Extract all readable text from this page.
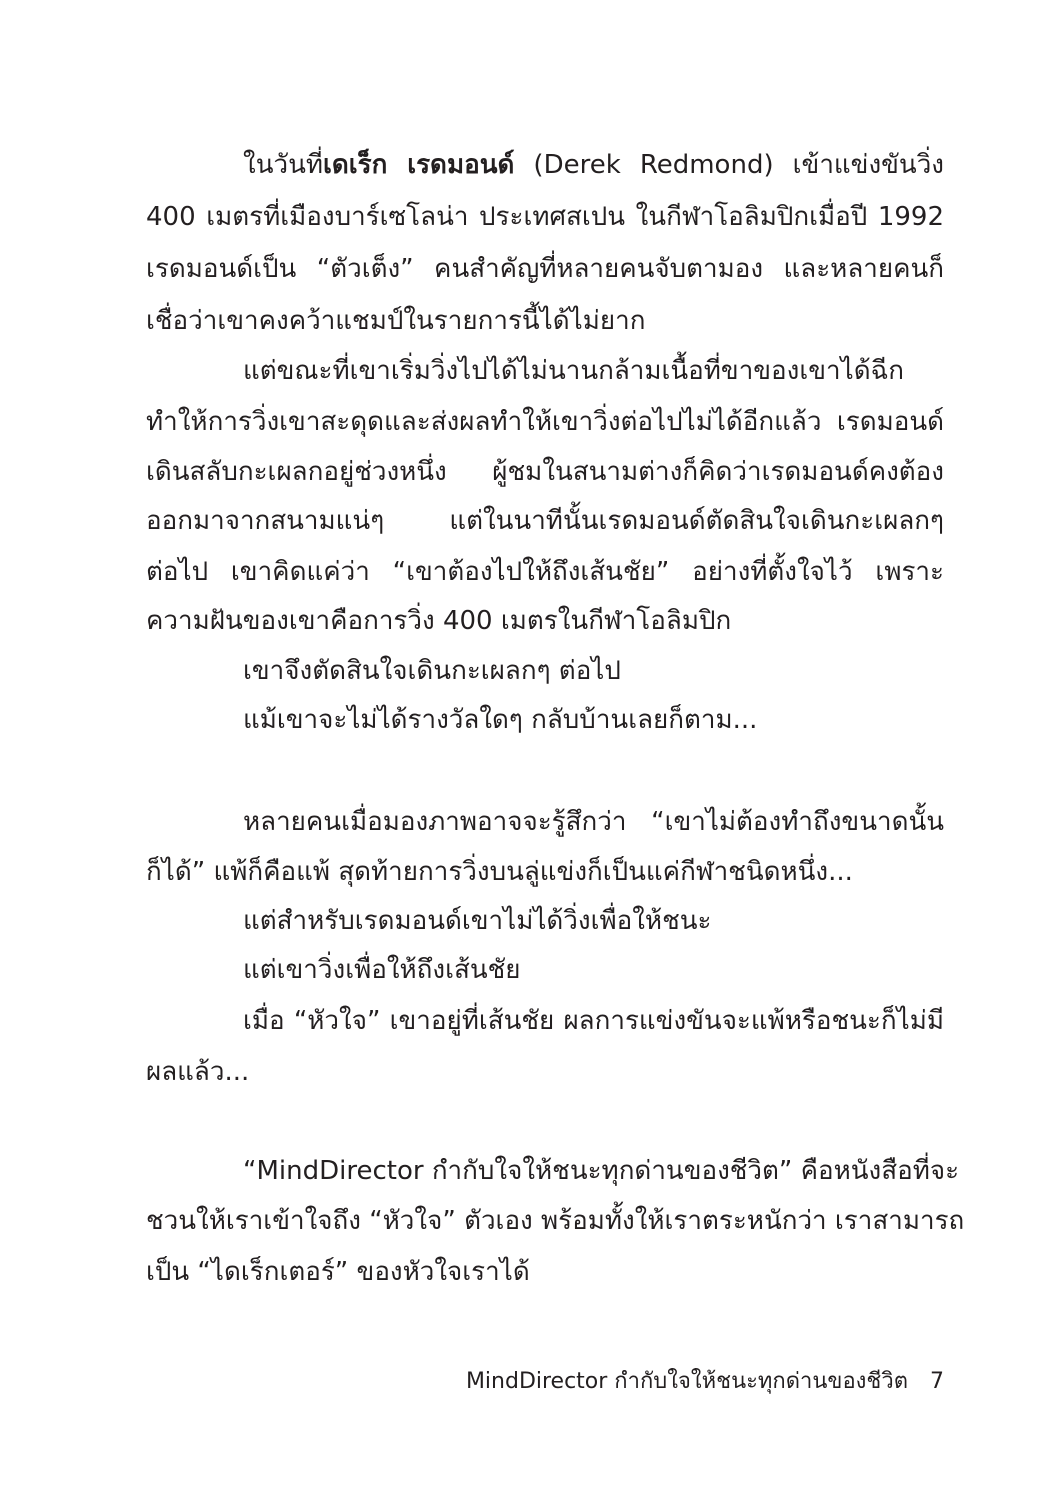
ในวันที่เดเร็ก เรดมอนด์ (Derek Redmond) เข้าแข่งขันวิ่ง
400 เมตรที่เมืองบาร์เซโลน่า ประเทศสเปน ในกีฬาโอลิมปิกเมื่อปี 1992
เรดมอนด์เป็น “ตัวเต็ง” คนสำคัญที่หลายคนจับตามอง และหลายคนก็
เชื่อว่าเขาคงคว้าแชมป์ในรายการนี้ได้ไม่ยาก
แต่ขณะที่เขาเริ่มวิ่งไปได้ไม่นานกล้ามเนื้อที่ขาของเขาได้ฉีก
ทำให้การวิ่งเขาสะดุดและส่งผลทำให้เขาวิ่งต่อไปไม่ได้อีกแล้ว เรดมอนด์
เดินสลับกะเผลกอยู่ช่วงหนึ่ง ผู้ชมในสนามต่างก็คิดว่าเรดมอนด์คงต้อง
ออกมาจากสนามแน่ๆ แต่ในนาทีนั้นเรดมอนด์ตัดสินใจเดินกะเผลกๆ
ต่อไป เขาคิดแค่ว่า “เขาต้องไปให้ถึงเส้นชัย” อย่างที่ตั้งใจไว้ เพราะ
ความฝันของเขาคือการวิ่ง 400 เมตรในกีฬาโอลิมปิก
เขาจึงตัดสินใจเดินกะเผลกๆ ต่อไป
แม้เขาจะไม่ได้รางวัลใดๆ กลับบ้านเลยก็ตาม...
หลายคนเมื่อมองภาพอาจจะรู้สึกว่า “เขาไม่ต้องทำถึงขนาดนั้น
ก็ได้” แพ้ก็คือแพ้ สุดท้ายการวิ่งบนลู่แข่งก็เป็นแค่กีฬาชนิดหนึ่ง...
แต่สำหรับเรดมอนด์เขาไม่ได้วิ่งเพื่อให้ชนะ
แต่เขาวิ่งเพื่อให้ถึงเส้นชัย
เมื่อ “หัวใจ” เขาอยู่ที่เส้นชัย ผลการแข่งขันจะแพ้หรือชนะก็ไม่มี
ผลแล้ว...
“MindDirector กำกับใจให้ชนะทุกด่านของชีวิต” คือหนังสือที่จะ
ชวนให้เราเข้าใจถึง “หัวใจ” ตัวเอง พร้อมทั้งให้เราตระหนักว่า เราสามารถ
เป็น “ไดเร็กเตอร์” ของหัวใจเราได้
MindDirector กำกับใจให้ชนะทุกด่านของชีวิต 7
